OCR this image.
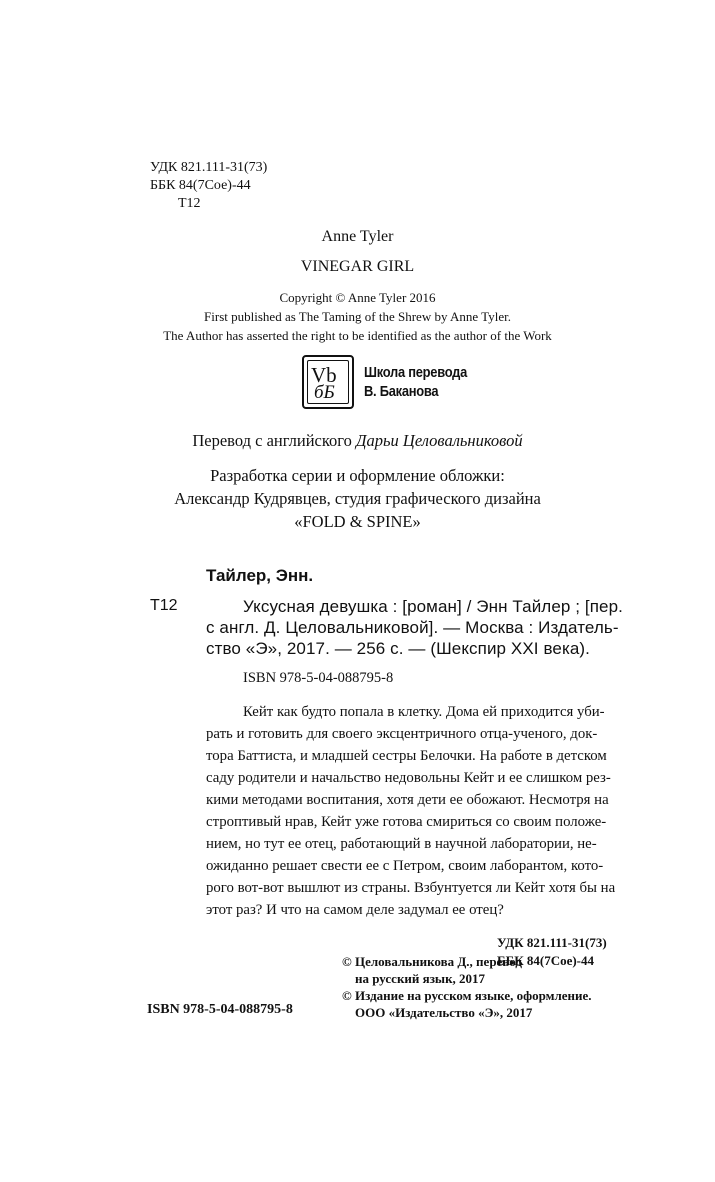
УДК 821.111-31(73)
ББК 84(7Сое)-44
Т12
Anne Tyler
VINEGAR GIRL
Copyright © Anne Tyler 2016
First published as The Taming of the Shrew by Anne Tyler.
The Author has asserted the right to be identified as the author of the Work
Vb
бБ
Школа перевода
В. Баканова
Перевод с английского Дарьи Целовальниковой
Разработка серии и оформление обложки:
Александр Кудрявцев, студия графического дизайна
«FOLD & SPINE»
Тайлер, Энн.
Т12	Уксусная девушка : [роман] / Энн Тайлер ; [пер.
с англ. Д. Целовальниковой]. — Москва : Издатель-
ство «Э», 2017. — 256 с. — (Шекспир XXI века).
ISBN 978-5-04-088795-8
Кейт как будто попала в клетку. Дома ей приходится уби-
рать и готовить для своего эксцентричного отца-ученого, док-
тора Баттиста, и младшей сестры Белочки. На работе в детском
саду родители и начальство недовольны Кейт и ее слишком рез-
кими методами воспитания, хотя дети ее обожают. Несмотря на
строптивый нрав, Кейт уже готова смириться со своим положе-
нием, но тут ее отец, работающий в научной лаборатории, не-
ожиданно решает свести ее с Петром, своим лаборантом, кото-
рого вот-вот вышлют из страны. Взбунтуется ли Кейт хотя бы на
этот раз? И что на самом деле задумал ее отец?
УДК 821.111-31(73)
ББК 84(7Сое)-44
ISBN 978-5-04-088795-8
© Целовальникова Д., перевод
на русский язык, 2017
© Издание на русском языке, оформление.
ООО «Издательство «Э», 2017
